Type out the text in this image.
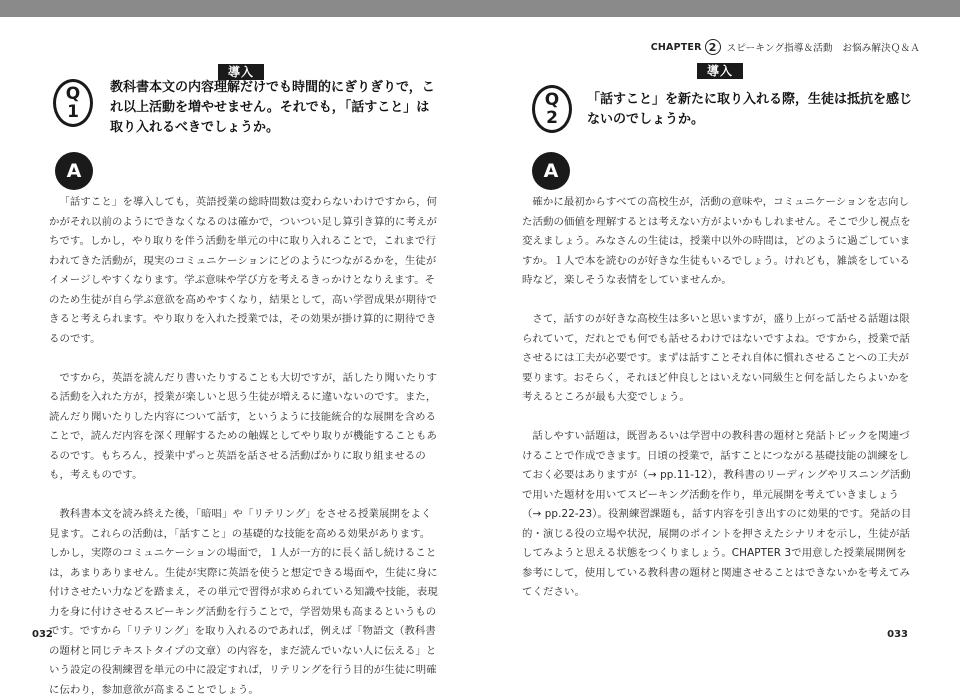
導入
Q
1
教科書本文の内容理解だけでも時間的にぎりぎりで，これ以上活動を増やせません。それでも，「話すこと」は取り入れるべきでしょうか。
A

「話すこと」を導入しても，英語授業の総時間数は変わらないわけですから，何かがそれ以前のようにできなくなるのは確かで，ついつい足し算引き算的に考えがちです。しかし，やり取りを伴う活動を単元の中に取り入れることで，これまで行われてきた活動が，現実のコミュニケーションにどのようにつながるかを，生徒がイメージしやすくなります。学ぶ意味や学び方を考えるきっかけとなりえます。そのため生徒が自ら学ぶ意欲を高めやすくなり，結果として，高い学習成果が期待できると考えられます。やり取りを入れた授業では，その効果が掛け算的に期待できるのです。

ですから，英語を読んだり書いたりすることも大切ですが，話したり聞いたりする活動を入れた方が，授業が楽しいと思う生徒が増えるに違いないのです。また，読んだり聞いたりした内容について話す，というように技能統合的な展開を含めることで，読んだ内容を深く理解するための触媒としてやり取りが機能することもあるのです。もちろん，授業中ずっと英語を話させる活動ばかりに取り組ませるのも，考えものです。

教科書本文を読み終えた後，「暗唱」や「リテリング」をさせる授業展開をよく見ます。これらの活動は，「話すこと」の基礎的な技能を高める効果があります。しかし，実際のコミュニケーションの場面で，１人が一方的に長く話し続けることは，あまりありません。生徒が実際に英語を使うと想定できる場面や，生徒に身に付けさせたい力などを踏まえ，その単元で習得が求められている知識や技能，表現力を身に付けさせるスピーキング活動を行うことで，学習効果も高まるというものです。ですから「リテリング」を取り入れるのであれば，例えば「物語文（教科書の題材と同じテキストタイプの文章）の内容を，まだ読んでいない人に伝える」という設定の役割練習を単元の中に設定すれば，リテリングを行う目的が生徒に明確に伝わり，参加意欲が高まることでしょう。

032
CHAPTER 2	スピーキング指導＆活動　お悩み解決Ｑ＆Ａ
導入
Q
2
「話すこと」を新たに取り入れる際，生徒は抵抗を感じないのでしょうか。
A

確かに最初からすべての高校生が，活動の意味や，コミュニケーションを志向した活動の価値を理解するとは考えない方がよいかもしれません。そこで少し視点を変えましょう。みなさんの生徒は，授業中以外の時間は，どのように過ごしていますか。１人で本を読むのが好きな生徒もいるでしょう。けれども，雑談をしている時など，楽しそうな表情をしていませんか。

さて，話すのが好きな高校生は多いと思いますが，盛り上がって話せる話題は限られていて，だれとでも何でも話せるわけではないですよね。ですから，授業で話させるには工夫が必要です。まずは話すことそれ自体に慣れさせることへの工夫が要ります。おそらく，それほど仲良しとはいえない同級生と何を話したらよいかを考えるところが最も大変でしょう。

話しやすい話題は，既習あるいは学習中の教科書の題材と発話トピックを関連づけることで作成できます。日頃の授業で，話すことにつながる基礎技能の訓練をしておく必要はありますが（→ pp.11-12），教科書のリーディングやリスニング活動で用いた題材を用いてスピーキング活動を作り，単元展開を考えていきましょう（→ pp.22-23）。役割練習課題も，話す内容を引き出すのに効果的です。発話の目的・演じる役の立場や状況，展開のポイントを押さえたシナリオを示し，生徒が話してみようと思える状態をつくりましょう。CHAPTER 3で用意した授業展開例を参考にして，使用している教科書の題材と関連させることはできないかを考えてみてください。

033
